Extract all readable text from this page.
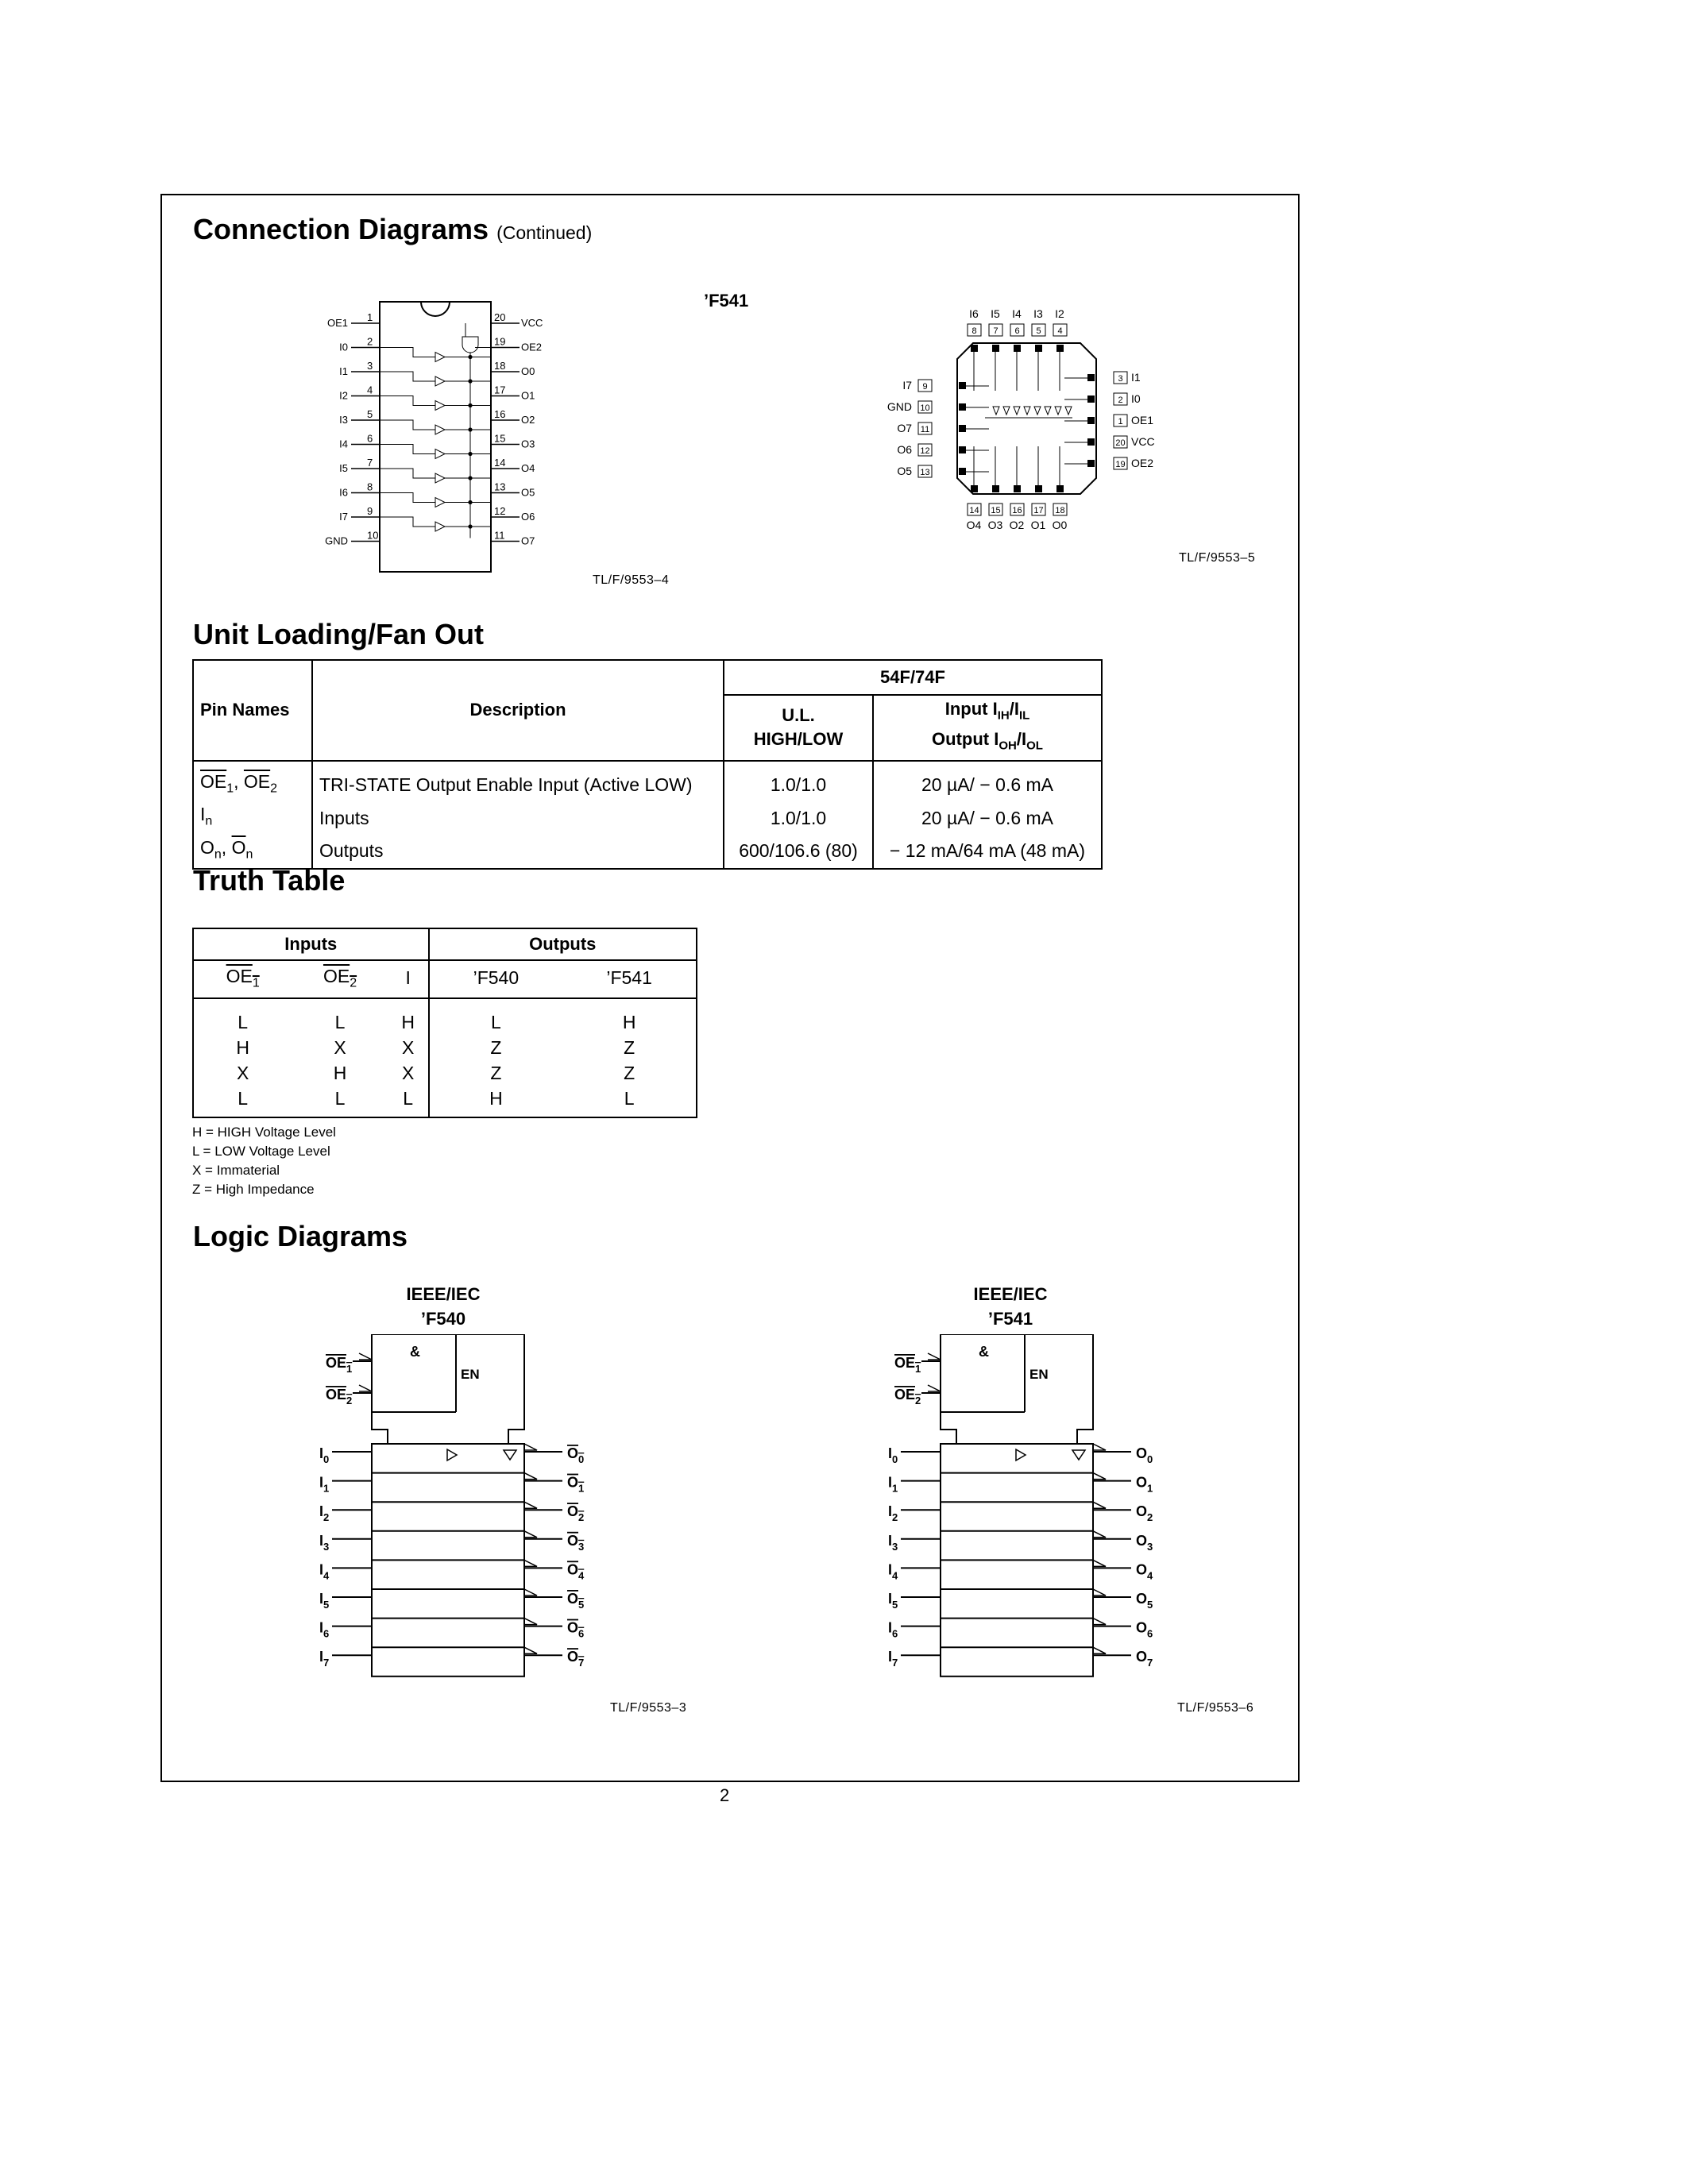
Connection Diagrams (Continued)
’F541
1
OE1
2
I0
3
I1
4
I2
5
I3
6
I4
7
I5
8
I6
9
I7
10
GND
20 VCC
19 OE2
18 O0
17 O1
16 O2
15 O3
14 O4
13 O5
12 O6
11 O7
TL/F/9553–4
I6
8
I5
7
I4
6
I3
5
I2
4
I7 9
GND 10
O7 11
O6 12
O5 13
3 I1
2 I0
1 OE1
20 VCC
19 OE2
14
O4
15
O3
16
O2
17
O1
18
O0
TL/F/9553–5
Unit Loading/Fan Out
Pin Names	Description	54F/74F	
		U.L.
HIGH/LOW	Input $I_{IH}/I_{IL}$
Output $I_{OH}/I_{OL}$
$\overline{OE}_1$, $\overline{OE}_2$	TRI-STATE Output Enable Input (Active LOW)	1.0/1.0	20 µA/ − 0.6 mA
$I_n$	Inputs	1.0/1.0	20 µA/ − 0.6 mA
$O_n$, $\overline{O}_n$	Outputs	600/106.6 (80)	− 12 mA/64 mA (48 mA)
Truth Table
Inputs			Outputs	
$OE_1$	$OE_2$	I	’F540	’F541
L	L	H	L	H
H	X	X	Z	Z
X	H	X	Z	Z
L	L	L	H	L
H = HIGH Voltage Level
L = LOW Voltage Level
X = Immaterial
Z = High Impedance
Logic Diagrams
IEEE/IEC
’F540
IEEE/IEC
’F541
&
EN
$OE_1$
$OE_2$
$I_0$	$O_0$
$I_1$	$O_1$
$I_2$	$O_2$
$I_3$	$O_3$
$I_4$	$O_4$
$I_5$	$O_5$
$I_6$	$O_6$
$I_7$	$O_7$
&
EN
$OE_1$
$OE_2$
$I_0$	$O_0$
$I_1$	$O_1$
$I_2$	$O_2$
$I_3$	$O_3$
$I_4$	$O_4$
$I_5$	$O_5$
$I_6$	$O_6$
$I_7$	$O_7$
TL/F/9553–3	TL/F/9553–6
2
